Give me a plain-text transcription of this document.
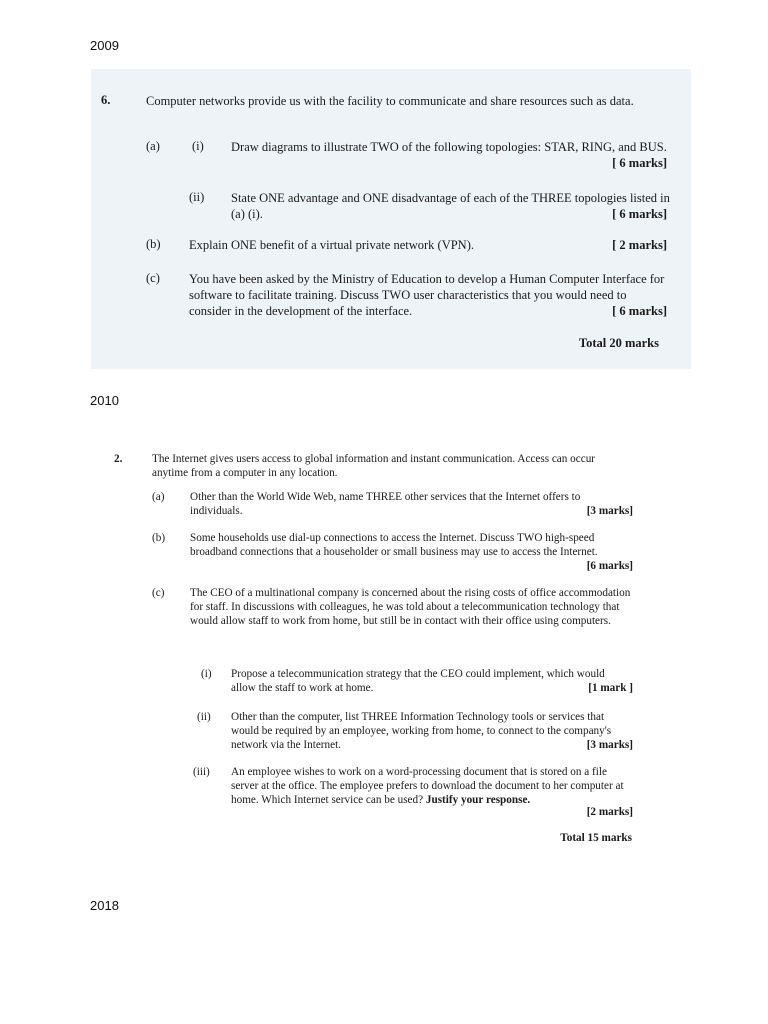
2009
2010
2018
6.	Computer networks provide us with the facility to communicate and share resources such as data.
(a)	(i) Draw diagrams to illustrate TWO of the following topologies: STAR, RING, and BUS.
[ 6 marks]
(ii) State ONE advantage and ONE disadvantage of each of the THREE topologies listed in (a) (i).	[ 6 marks]
(b) Explain ONE benefit of a virtual private network (VPN).	[ 2 marks]
(c) You have been asked by the Ministry of Education to develop a Human Computer Interface for software to facilitate training. Discuss TWO user characteristics that you would need to consider in the development of the interface.	[ 6 marks]
Total 20 marks
2.	The Internet gives users access to global information and instant communication. Access can occur anytime from a computer in any location.
(a) Other than the World Wide Web, name THREE other services that the Internet offers to individuals.	[3 marks]
(b) Some households use dial-up connections to access the Internet. Discuss TWO high-speed broadband connections that a householder or small business may use to access the Internet.
[6 marks]
(c) The CEO of a multinational company is concerned about the rising costs of office accommodation for staff. In discussions with colleagues, he was told about a telecommunication technology that would allow staff to work from home, but still be in contact with their office using computers.
(i) Propose a telecommunication strategy that the CEO could implement, which would allow the staff to work at home.	[1 mark ]
(ii) Other than the computer, list THREE Information Technology tools or services that would be required by an employee, working from home, to connect to the company's network via the Internet.	[3 marks]
(iii) An employee wishes to work on a word-processing document that is stored on a file server at the office. The employee prefers to download the document to her computer at home. Which Internet service can be used? Justify your response.
[2 marks]
Total 15 marks
